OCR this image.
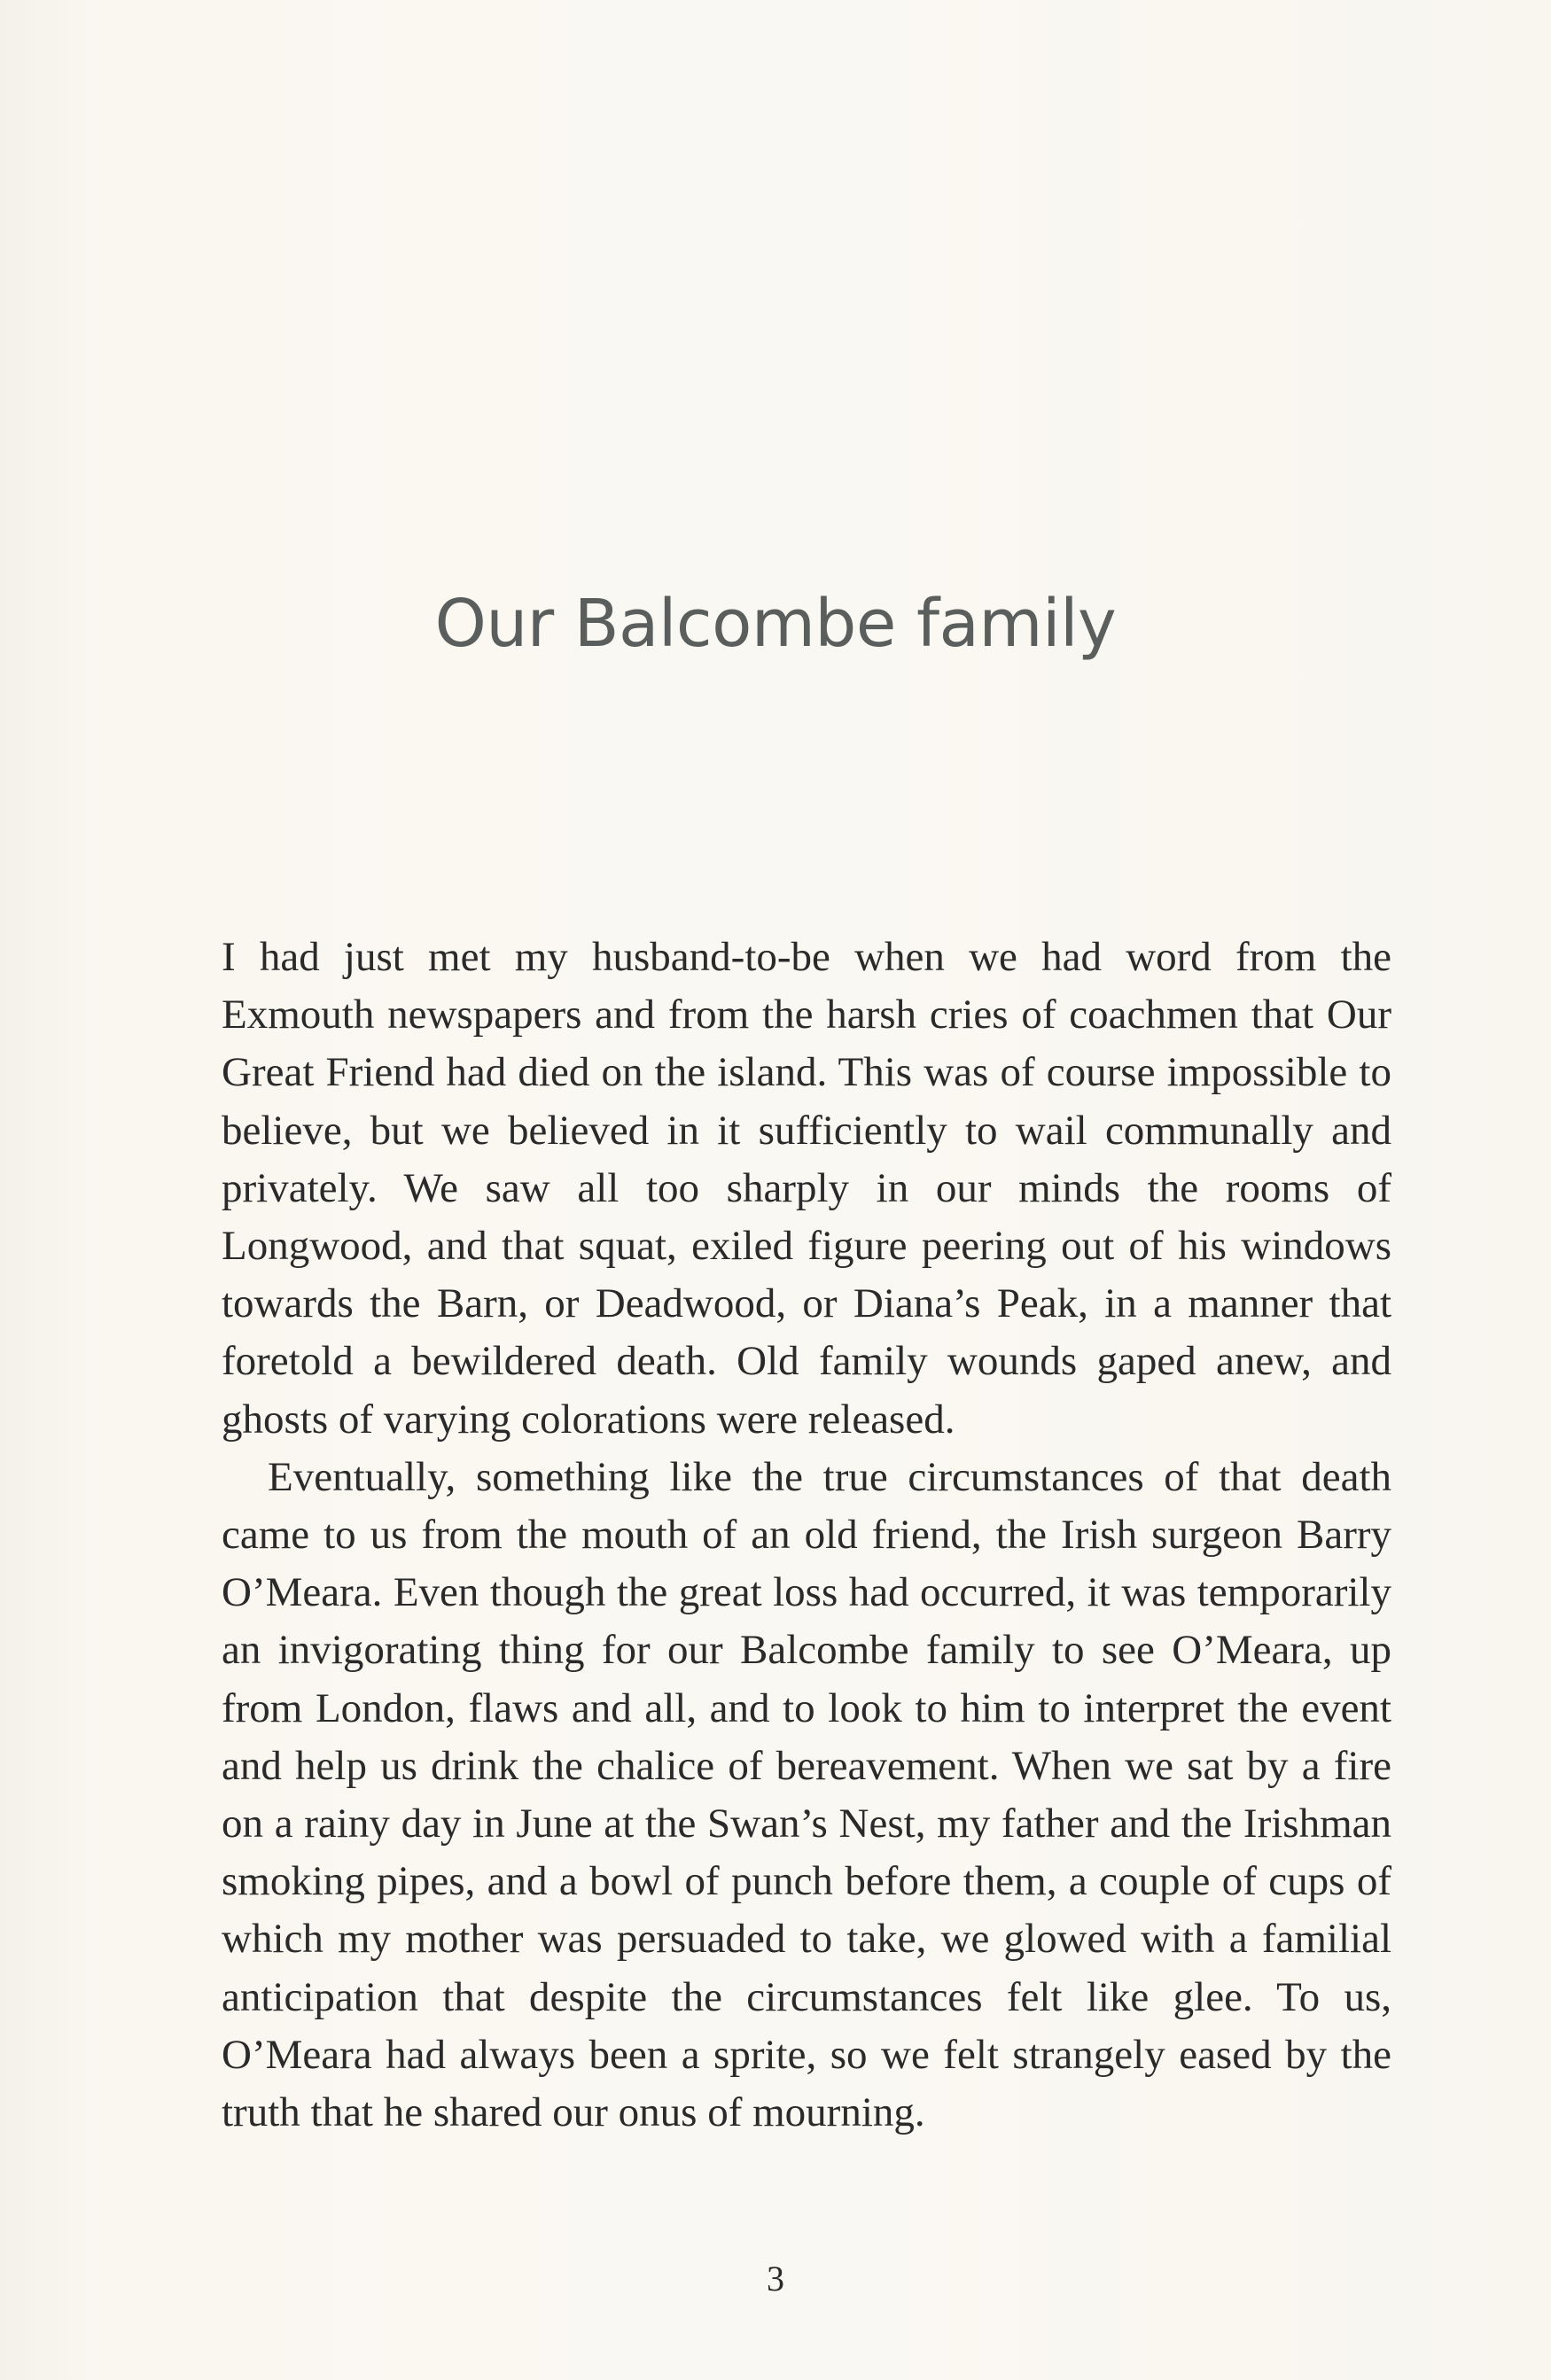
Our Balcombe family

I had just met my husband-to-be when we had word from the Exmouth newspapers and from the harsh cries of coachmen that Our Great Friend had died on the island. This was of course impossible to believe, but we believed in it sufficiently to wail communally and privately. We saw all too sharply in our minds the rooms of Longwood, and that squat, exiled figure peering out of his windows towards the Barn, or Deadwood, or Diana’s Peak, in a manner that foretold a bewildered death. Old family wounds gaped anew, and ghosts of varying colorations were released.

Eventually, something like the true circumstances of that death came to us from the mouth of an old friend, the Irish surgeon Barry O’Meara. Even though the great loss had occurred, it was temporarily an invigorating thing for our Balcombe family to see O’Meara, up from London, flaws and all, and to look to him to interpret the event and help us drink the chalice of bereavement. When we sat by a fire on a rainy day in June at the Swan’s Nest, my father and the Irishman smoking pipes, and a bowl of punch before them, a couple of cups of which my mother was persuaded to take, we glowed with a familial anticipation that despite the circumstances felt like glee. To us, O’Meara had always been a sprite, so we felt strangely eased by the truth that he shared our onus of mourning.

3
